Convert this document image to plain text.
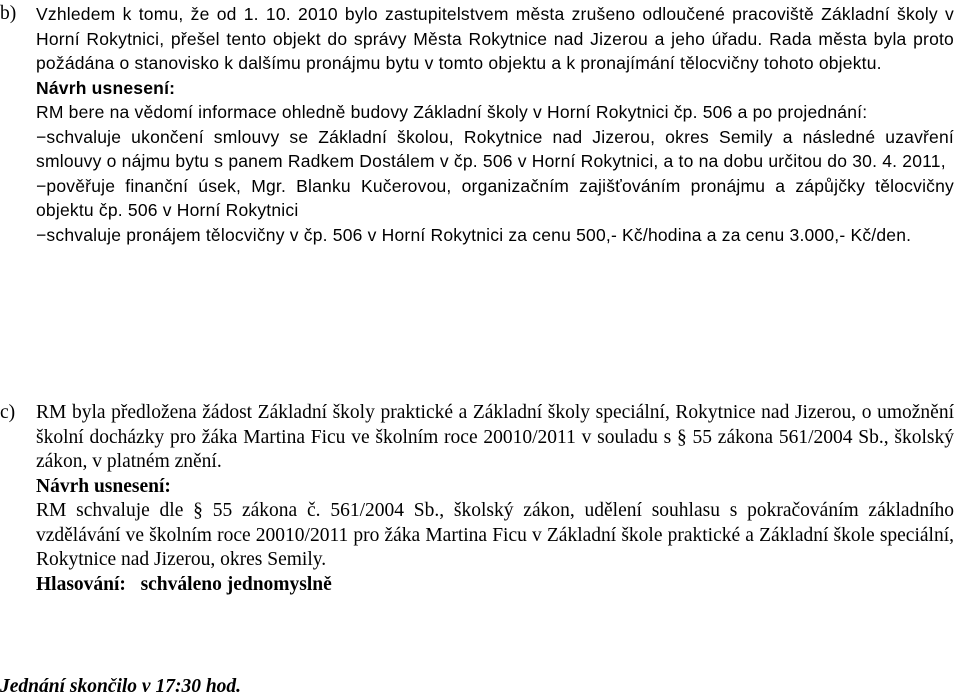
b)	Vzhledem k tomu, že od 1. 10. 2010 bylo zastupitelstvem města zrušeno odloučené pracoviště Základní školy v Horní Rokytnici, přešel tento objekt do správy Města Rokytnice nad Jizerou a jeho úřadu. Rada města byla proto požádána o stanovisko k dalšímu pronájmu bytu v tomto objektu a k pronajímání tělocvičny tohoto objektu.
Návrh usnesení:
RM bere na vědomí informace ohledně budovy Základní školy v Horní Rokytnici čp. 506 a po projednání:
−schvaluje ukončení smlouvy se Základní školou, Rokytnice nad Jizerou, okres Semily a následné uzavření smlouvy o nájmu bytu s panem Radkem Dostálem v čp. 506 v Horní Rokytnici, a to na dobu určitou do 30. 4. 2011,
−pověřuje finanční úsek, Mgr. Blanku Kučerovou, organizačním zajišťováním pronájmu a zápůjčky tělocvičny objektu čp. 506 v Horní Rokytnici
−schvaluje pronájem tělocvičny v čp. 506 v Horní Rokytnici za cenu 500,- Kč/hodina a za cenu 3.000,- Kč/den.
c)	RM byla předložena žádost Základní školy praktické a Základní školy speciální, Rokytnice nad Jizerou, o umožnění školní docházky pro žáka Martina Ficu ve školním roce 20010/2011 v souladu s § 55 zákona 561/2004 Sb., školský zákon, v platném znění.
Návrh usnesení:
RM schvaluje dle § 55 zákona č. 561/2004 Sb., školský zákon, udělení souhlasu s pokračováním základního vzdělávání ve školním roce 20010/2011 pro žáka Martina Ficu v Základní škole praktické a Základní škole speciální, Rokytnice nad Jizerou, okres Semily.
Hlasování: schváleno jednomyslně
Jednání skončilo v 17:30 hod.
